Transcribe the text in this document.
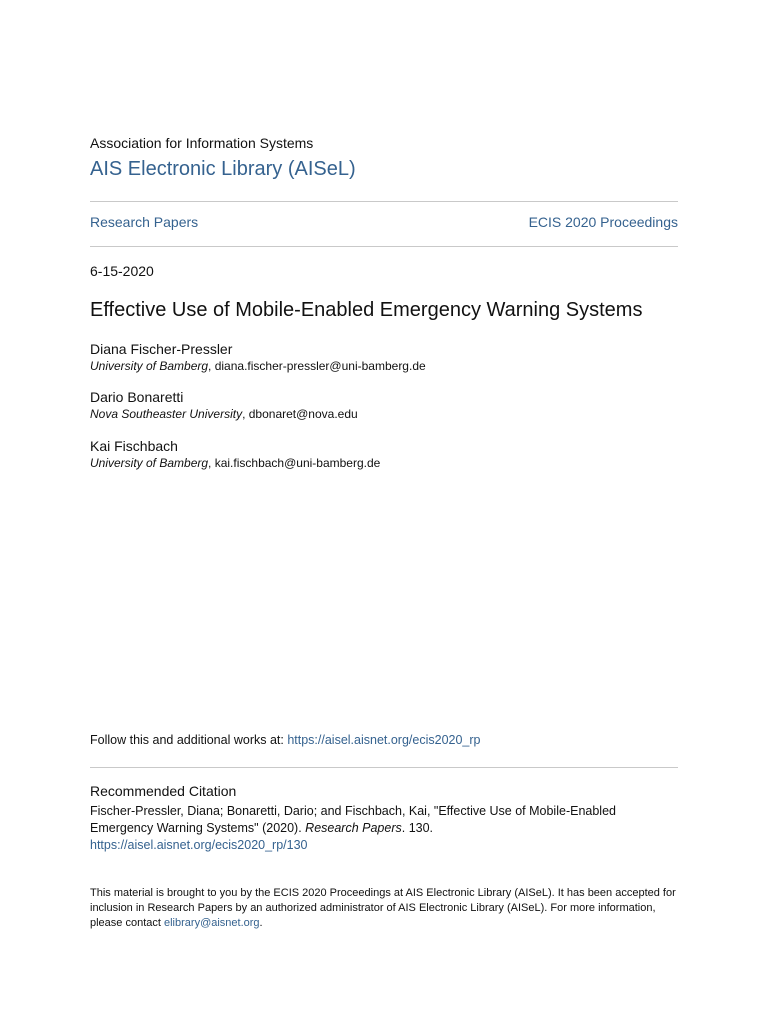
Association for Information Systems
AIS Electronic Library (AISeL)
Research Papers	ECIS 2020 Proceedings
6-15-2020
Effective Use of Mobile-Enabled Emergency Warning Systems
Diana Fischer-Pressler
University of Bamberg, diana.fischer-pressler@uni-bamberg.de
Dario Bonaretti
Nova Southeaster University, dbonaret@nova.edu
Kai Fischbach
University of Bamberg, kai.fischbach@uni-bamberg.de
Follow this and additional works at: https://aisel.aisnet.org/ecis2020_rp
Recommended Citation
Fischer-Pressler, Diana; Bonaretti, Dario; and Fischbach, Kai, "Effective Use of Mobile-Enabled Emergency Warning Systems" (2020). Research Papers. 130.
https://aisel.aisnet.org/ecis2020_rp/130
This material is brought to you by the ECIS 2020 Proceedings at AIS Electronic Library (AISeL). It has been accepted for inclusion in Research Papers by an authorized administrator of AIS Electronic Library (AISeL). For more information, please contact elibrary@aisnet.org.
